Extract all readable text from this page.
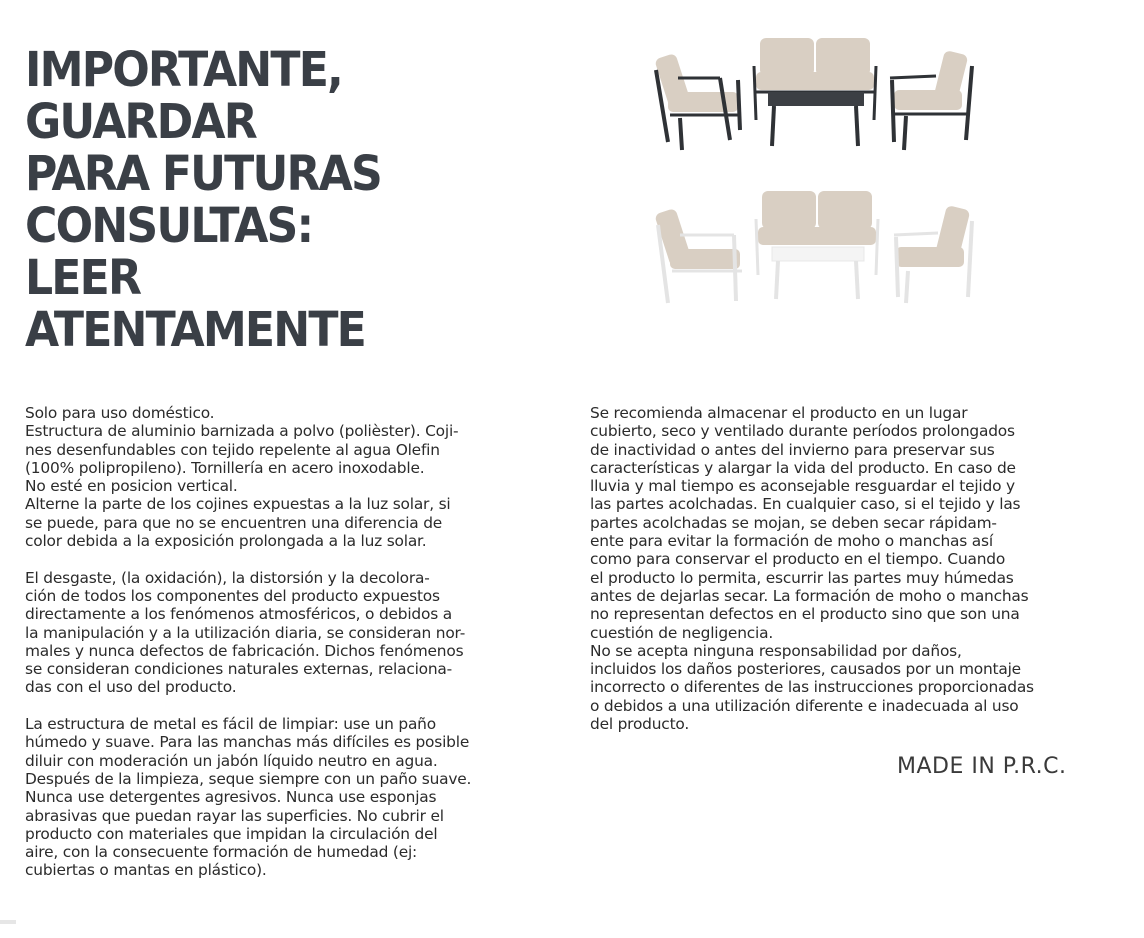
IMPORTANTE,
GUARDAR
PARA FUTURAS
CONSULTAS:
LEER
ATENTAMENTE
Solo para uso doméstico.
Estructura de aluminio barnizada a polvo (polièster). Coji-
nes desenfundables con tejido repelente al agua Olefin
(100% polipropileno). Tornillería en acero inoxodable.
No esté en posicion vertical.
Alterne la parte de los cojines expuestas a la luz solar, si
se puede, para que no se encuentren una diferencia de
color debida a la exposición prolongada a la luz solar.
El desgaste, (la oxidación), la distorsión y la decolora-
ción de todos los componentes del producto expuestos
directamente a los fenómenos atmosféricos, o debidos a
la manipulación y a la utilización diaria, se consideran nor-
males y nunca defectos de fabricación. Dichos fenómenos
se consideran condiciones naturales externas, relaciona-
das con el uso del producto.
La estructura de metal es fácil de limpiar: use un paño
húmedo y suave. Para las manchas más difíciles es posible
diluir con moderación un jabón líquido neutro en agua.
Después de la limpieza, seque siempre con un paño suave.
Nunca use detergentes agresivos. Nunca use esponjas
abrasivas que puedan rayar las superficies. No cubrir el
producto con materiales que impidan la circulación del
aire, con la consecuente formación de humedad (ej:
cubiertas o mantas en plástico).
Se recomienda almacenar el producto en un lugar
cubierto, seco y ventilado durante períodos prolongados
de inactividad o antes del invierno para preservar sus
características y alargar la vida del producto. En caso de
lluvia y mal tiempo es aconsejable resguardar el tejido y
las partes acolchadas. En cualquier caso, si el tejido y las
partes acolchadas se mojan, se deben secar rápidam-
ente para evitar la formación de moho o manchas así
como para conservar el producto en el tiempo. Cuando
el producto lo permita, escurrir las partes muy húmedas
antes de dejarlas secar. La formación de moho o manchas
no representan defectos en el producto sino que son una
cuestión de negligencia.
No se acepta ninguna responsabilidad por daños,
incluidos los daños posteriores, causados por un montaje
incorrecto o diferentes de las instrucciones proporcionadas
o debidos a una utilización diferente e inadecuada al uso
del producto.
MADE IN P.R.C.
